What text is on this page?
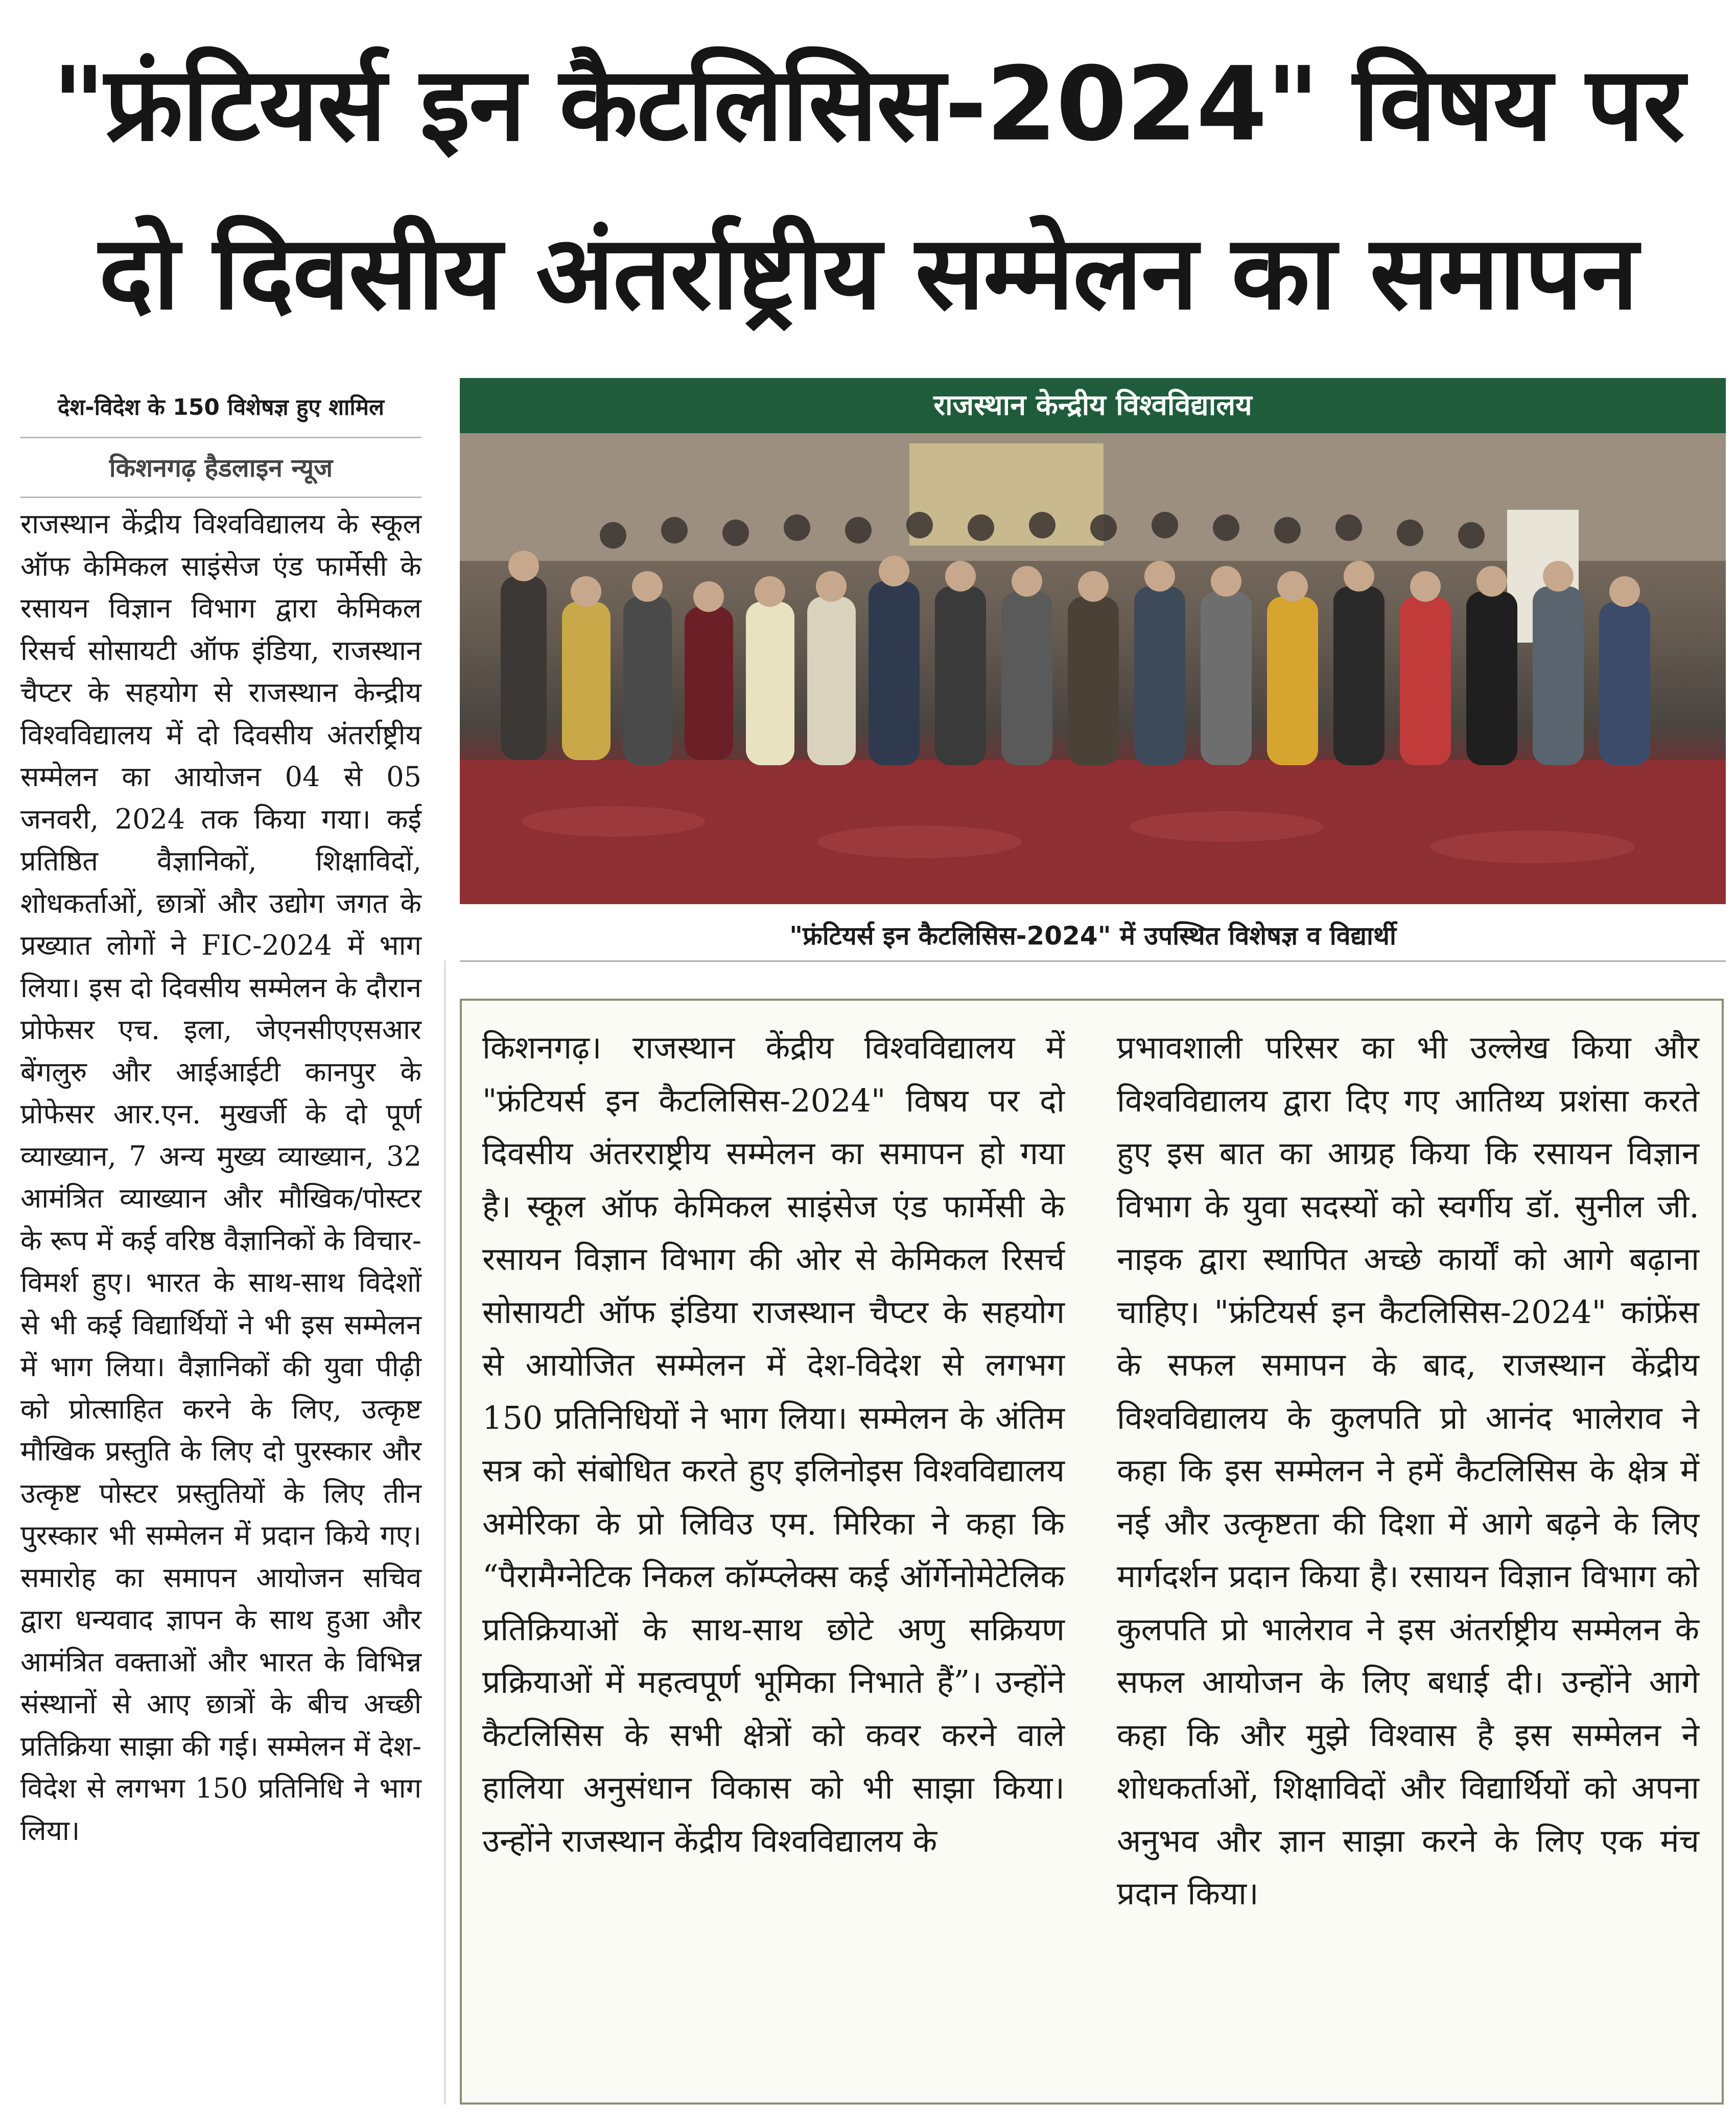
"फ्रंटियर्स इन कैटलिसिस-2024" विषय पर दो दिवसीय अंतर्राष्ट्रीय सम्मेलन का समापन
देश-विदेश के 150 विशेषज्ञ हुए शामिल
किशनगढ़ हैडलाइन न्यूज

राजस्थान केंद्रीय विश्वविद्यालय के स्कूल ऑफ केमिकल साइंसेज एंड फार्मेसी के रसायन विज्ञान विभाग द्वारा केमिकल रिसर्च सोसायटी ऑफ इंडिया, राजस्थान चैप्टर के सहयोग से राजस्थान केन्द्रीय विश्वविद्यालय में दो दिवसीय अंतर्राष्ट्रीय सम्मेलन का आयोजन 04 से 05 जनवरी, 2024 तक किया गया। कई प्रतिष्ठित वैज्ञानिकों, शिक्षाविदों, शोधकर्ताओं, छात्रों और उद्योग जगत के प्रख्यात लोगों ने FIC-2024 में भाग लिया। इस दो दिवसीय सम्मेलन के दौरान प्रोफेसर एच. इला, जेएनसीएएसआर बेंगलुरु और आईआईटी कानपुर के प्रोफेसर आर.एन. मुखर्जी के दो पूर्ण व्याख्यान, 7 अन्य मुख्य व्याख्यान, 32 आमंत्रित व्याख्यान और मौखिक/पोस्टर के रूप में कई वरिष्ठ वैज्ञानिकों के विचार-विमर्श हुए। भारत के साथ-साथ विदेशों से भी कई विद्यार्थियों ने भी इस सम्मेलन में भाग लिया। वैज्ञानिकों की युवा पीढ़ी को प्रोत्साहित करने के लिए, उत्कृष्ट मौखिक प्रस्तुति के लिए दो पुरस्कार और उत्कृष्ट पोस्टर प्रस्तुतियों के लिए तीन पुरस्कार भी सम्मेलन में प्रदान किये गए। समारोह का समापन आयोजन सचिव द्वारा धन्यवाद ज्ञापन के साथ हुआ और आमंत्रित वक्ताओं और भारत के विभिन्न संस्थानों से आए छात्रों के बीच अच्छी प्रतिक्रिया साझा की गई। सम्मेलन में देश-विदेश से लगभग 150 प्रतिनिधि ने भाग लिया।

राजस्थान केन्द्रीय विश्वविद्यालय
"फ्रंटियर्स इन कैटलिसिस-2024" में उपस्थित विशेषज्ञ व विद्यार्थी

किशनगढ़। राजस्थान केंद्रीय विश्वविद्यालय में "फ्रंटियर्स इन कैटलिसिस-2024" विषय पर दो दिवसीय अंतरराष्ट्रीय सम्मेलन का समापन हो गया है। स्कूल ऑफ केमिकल साइंसेज एंड फार्मेसी के रसायन विज्ञान विभाग की ओर से केमिकल रिसर्च सोसायटी ऑफ इंडिया राजस्थान चैप्टर के सहयोग से आयोजित सम्मेलन में देश-विदेश से लगभग 150 प्रतिनिधियों ने भाग लिया। सम्मेलन के अंतिम सत्र को संबोधित करते हुए इलिनोइस विश्वविद्यालय अमेरिका के प्रो लिविउ एम. मिरिका ने कहा कि “पैरामैग्नेटिक निकल कॉम्प्लेक्स कई ऑर्गेनोमेटेलिक प्रतिक्रियाओं के साथ-साथ छोटे अणु सक्रियण प्रक्रियाओं में महत्वपूर्ण भूमिका निभाते हैं”। उन्होंने कैटलिसिस के सभी क्षेत्रों को कवर करने वाले हालिया अनुसंधान विकास को भी साझा किया। उन्होंने राजस्थान केंद्रीय विश्वविद्यालय के

प्रभावशाली परिसर का भी उल्लेख किया और विश्वविद्यालय द्वारा दिए गए आतिथ्य प्रशंसा करते हुए इस बात का आग्रह किया कि रसायन विज्ञान विभाग के युवा सदस्यों को स्वर्गीय डॉ. सुनील जी. नाइक द्वारा स्थापित अच्छे कार्यों को आगे बढ़ाना चाहिए। "फ्रंटियर्स इन कैटलिसिस-2024" कांफ्रेंस के सफल समापन के बाद, राजस्थान केंद्रीय विश्वविद्यालय के कुलपति प्रो आनंद भालेराव ने कहा कि इस सम्मेलन ने हमें कैटलिसिस के क्षेत्र में नई और उत्कृष्टता की दिशा में आगे बढ़ने के लिए मार्गदर्शन प्रदान किया है। रसायन विज्ञान विभाग को कुलपति प्रो भालेराव ने इस अंतर्राष्ट्रीय सम्मेलन के सफल आयोजन के लिए बधाई दी। उन्होंने आगे कहा कि और मुझे विश्वास है इस सम्मेलन ने शोधकर्ताओं, शिक्षाविदों और विद्यार्थियों को अपना अनुभव और ज्ञान साझा करने के लिए एक मंच प्रदान किया।
